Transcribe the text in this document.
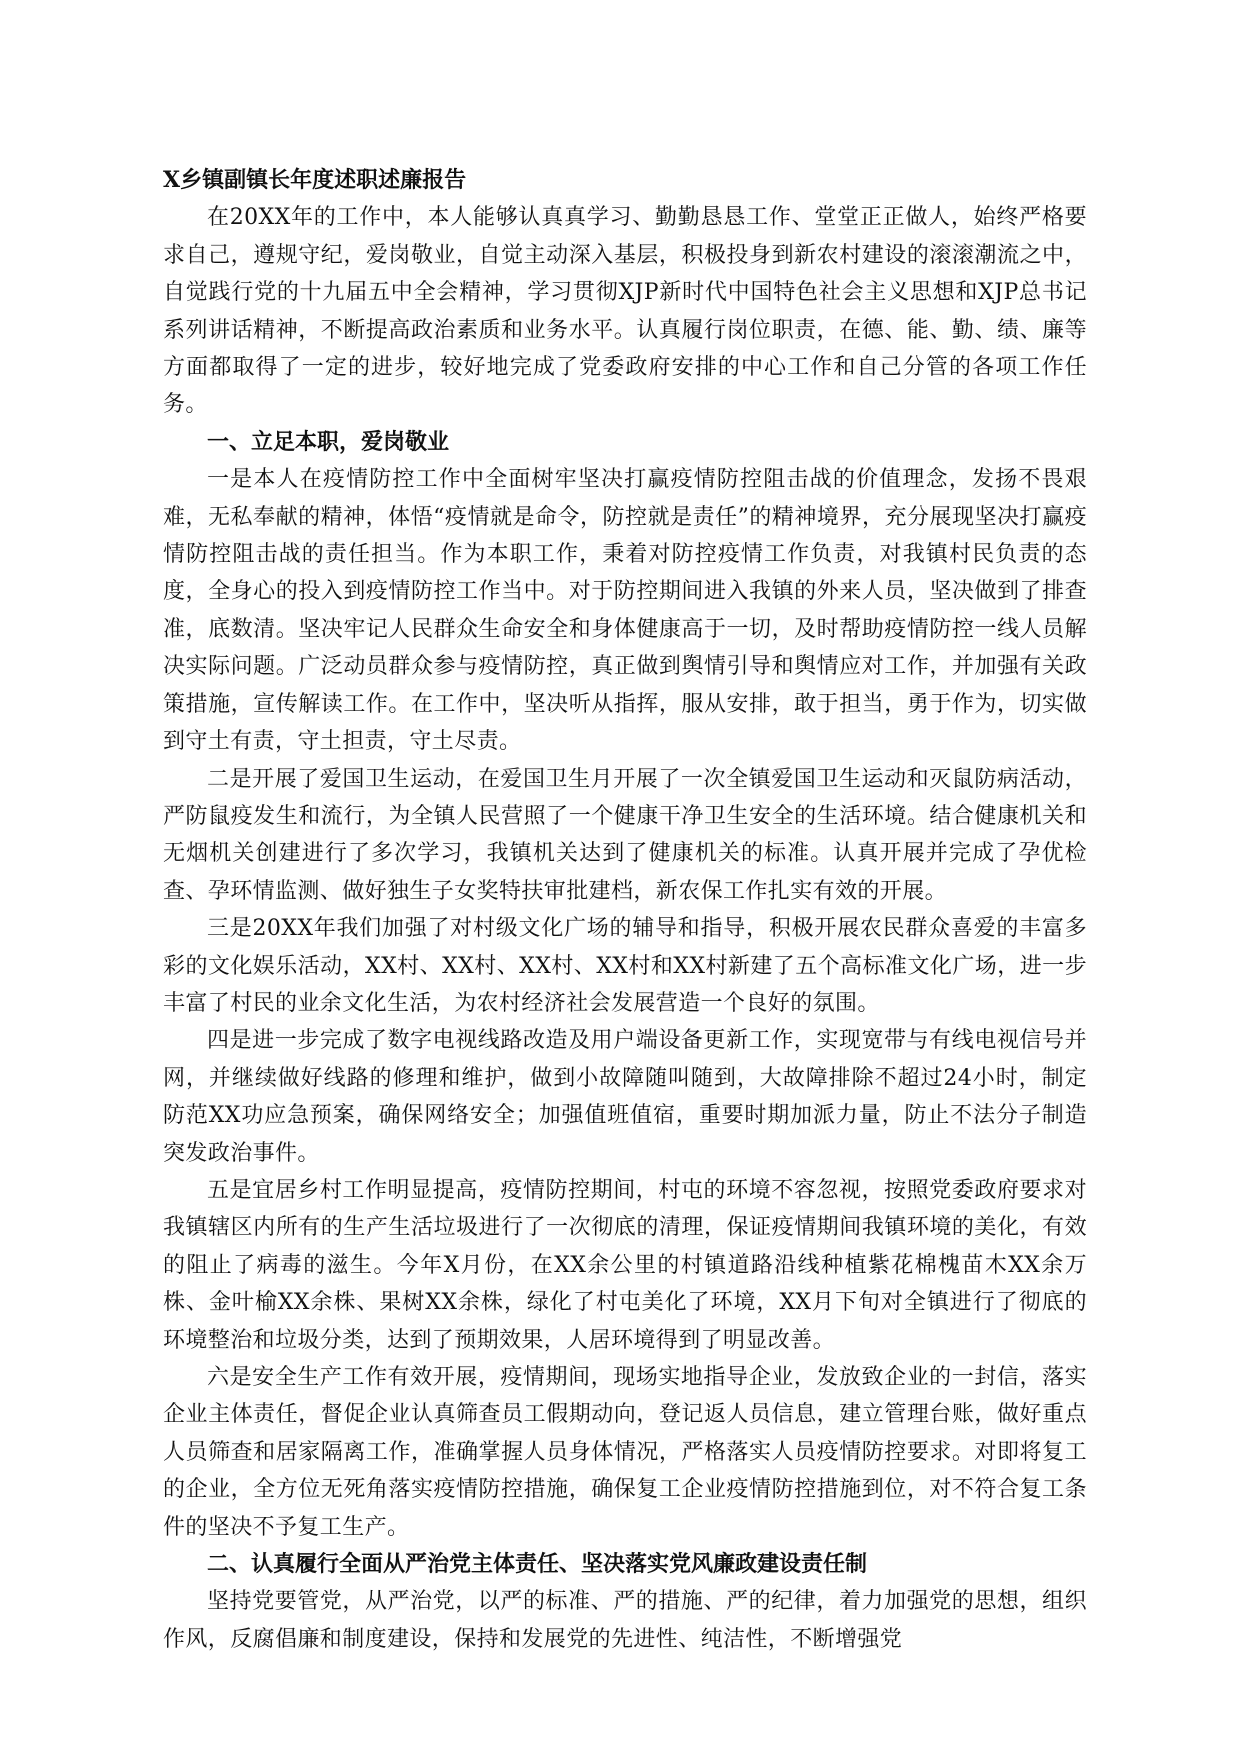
X乡镇副镇长年度述职述廉报告

在20XX年的工作中，本人能够认真真学习、勤勤恳恳工作、堂堂正正做人，始终严格要求自己，遵规守纪，爱岗敬业，自觉主动深入基层，积极投身到新农村建设的滚滚潮流之中，自觉践行党的十九届五中全会精神，学习贯彻XJP新时代中国特色社会主义思想和XJP总书记系列讲话精神，不断提高政治素质和业务水平。认真履行岗位职责，在德、能、勤、绩、廉等方面都取得了一定的进步，较好地完成了党委政府安排的中心工作和自己分管的各项工作任务。

一、立足本职，爱岗敬业

一是本人在疫情防控工作中全面树牢坚决打赢疫情防控阻击战的价值理念，发扬不畏艰难，无私奉献的精神，体悟“疫情就是命令，防控就是责任”的精神境界，充分展现坚决打赢疫情防控阻击战的责任担当。作为本职工作，秉着对防控疫情工作负责，对我镇村民负责的态度，全身心的投入到疫情防控工作当中。对于防控期间进入我镇的外来人员，坚决做到了排查准，底数清。坚决牢记人民群众生命安全和身体健康高于一切，及时帮助疫情防控一线人员解决实际问题。广泛动员群众参与疫情防控，真正做到舆情引导和舆情应对工作，并加强有关政策措施，宣传解读工作。在工作中，坚决听从指挥，服从安排，敢于担当，勇于作为，切实做到守土有责，守土担责，守土尽责。

二是开展了爱国卫生运动，在爱国卫生月开展了一次全镇爱国卫生运动和灭鼠防病活动，严防鼠疫发生和流行，为全镇人民营照了一个健康干净卫生安全的生活环境。结合健康机关和无烟机关创建进行了多次学习，我镇机关达到了健康机关的标准。认真开展并完成了孕优检查、孕环情监测、做好独生子女奖特扶审批建档，新农保工作扎实有效的开展。

三是20XX年我们加强了对村级文化广场的辅导和指导，积极开展农民群众喜爱的丰富多彩的文化娱乐活动，XX村、XX村、XX村、XX村和XX村新建了五个高标准文化广场，进一步丰富了村民的业余文化生活，为农村经济社会发展营造一个良好的氛围。

四是进一步完成了数字电视线路改造及用户端设备更新工作，实现宽带与有线电视信号并网，并继续做好线路的修理和维护，做到小故障随叫随到，大故障排除不超过24小时，制定防范XX功应急预案，确保网络安全；加强值班值宿，重要时期加派力量，防止不法分子制造突发政治事件。

五是宜居乡村工作明显提高，疫情防控期间，村屯的环境不容忽视，按照党委政府要求对我镇辖区内所有的生产生活垃圾进行了一次彻底的清理，保证疫情期间我镇环境的美化，有效的阻止了病毒的滋生。今年X月份，在XX余公里的村镇道路沿线种植紫花棉槐苗木XX余万株、金叶榆XX余株、果树XX余株，绿化了村屯美化了环境，XX月下旬对全镇进行了彻底的环境整治和垃圾分类，达到了预期效果，人居环境得到了明显改善。

六是安全生产工作有效开展，疫情期间，现场实地指导企业，发放致企业的一封信，落实企业主体责任，督促企业认真筛查员工假期动向，登记返人员信息，建立管理台账，做好重点人员筛查和居家隔离工作，准确掌握人员身体情况，严格落实人员疫情防控要求。对即将复工的企业，全方位无死角落实疫情防控措施，确保复工企业疫情防控措施到位，对不符合复工条件的坚决不予复工生产。

二、认真履行全面从严治党主体责任、坚决落实党风廉政建设责任制

坚持党要管党，从严治党，以严的标准、严的措施、严的纪律，着力加强党的思想，组织作风，反腐倡廉和制度建设，保持和发展党的先进性、纯洁性，不断增强党
